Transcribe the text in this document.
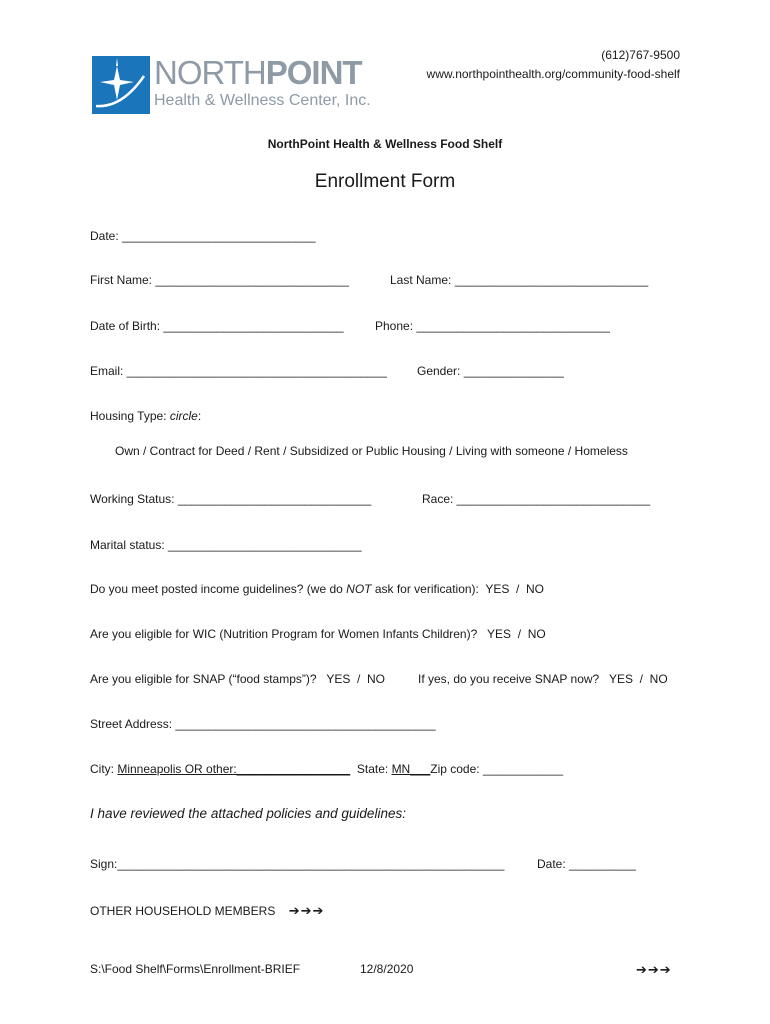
NORTHPOINT
Health & Wellness Center, Inc.
(612)767-9500
www.northpointhealth.org/community-food-shelf
NorthPoint Health & Wellness Food Shelf
Enrollment Form
Date: _____________________________
First Name: _____________________________	Last Name: _____________________________
Date of Birth: ___________________________	Phone: _____________________________
Email: _______________________________________	Gender: _______________
Housing Type: circle:
Own / Contract for Deed / Rent / Subsidized or Public Housing / Living with someone / Homeless
Working Status: _____________________________	Race: _____________________________
Marital status: _____________________________
Do you meet posted income guidelines? (we do NOT ask for verification):  YES  /  NO
Are you eligible for WIC (Nutrition Program for Women Infants Children)?   YES  /  NO
Are you eligible for SNAP (“food stamps”)?   YES  /  NO	If yes, do you receive SNAP now?   YES  /  NO
Street Address: _______________________________________
City: Minneapolis OR other:_________________  State: MN___Zip code: ____________
I have reviewed the attached policies and guidelines:
Sign:__________________________________________________________	Date: __________
OTHER HOUSEHOLD MEMBERS ➔➔➔
S:\Food Shelf\Forms\Enrollment-BRIEF	12/8/2020	➔➔➔
